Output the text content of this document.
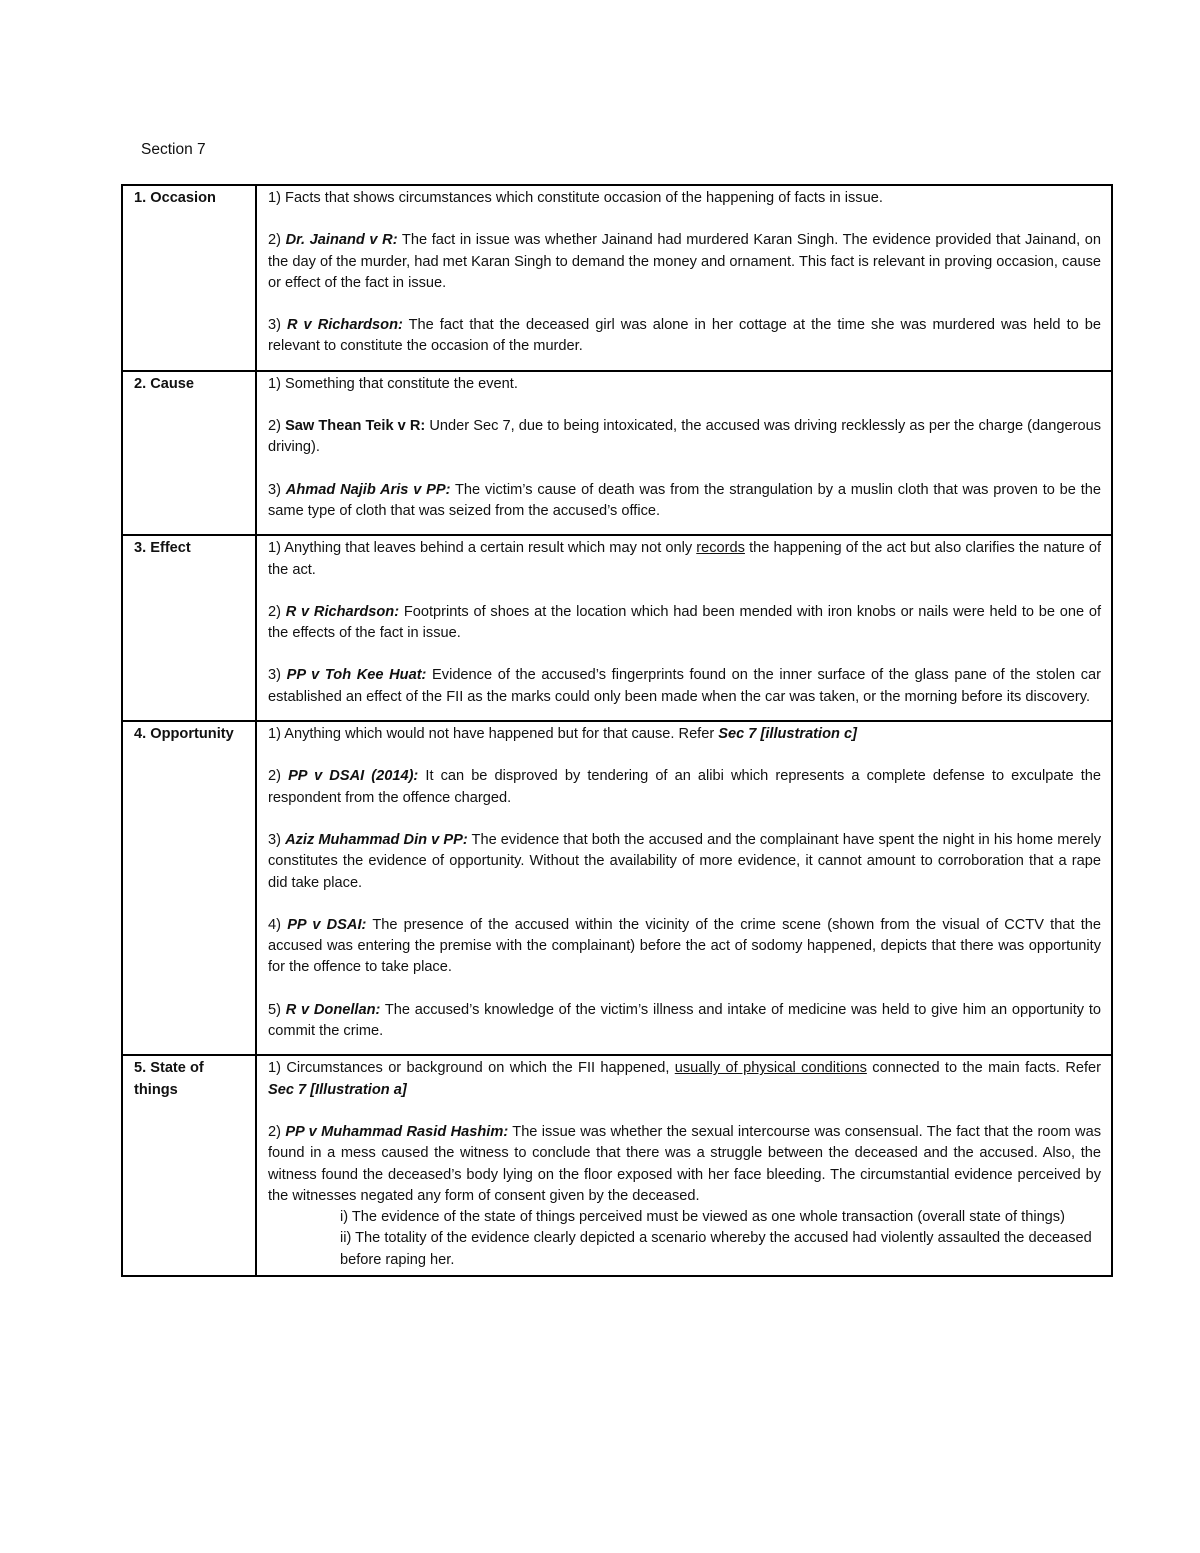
Section 7
1. Occasion	1) Facts that shows circumstances which constitute occasion of the happening of facts in issue.

2) Dr. Jainand v R: The fact in issue was whether Jainand had murdered Karan Singh. The evidence provided that Jainand, on the day of the murder, had met Karan Singh to demand the money and ornament. This fact is relevant in proving occasion, cause or effect of the fact in issue.

3) R v Richardson: The fact that the deceased girl was alone in her cottage at the time she was murdered was held to be relevant to constitute the occasion of the murder.

2. Cause	1) Something that constitute the event.

2) Saw Thean Teik v R: Under Sec 7, due to being intoxicated, the accused was driving recklessly as per the charge (dangerous driving).

3) Ahmad Najib Aris v PP: The victim’s cause of death was from the strangulation by a muslin cloth that was proven to be the same type of cloth that was seized from the accused’s office.

3. Effect	1) Anything that leaves behind a certain result which may not only records the happening of the act but also clarifies the nature of the act.

2) R v Richardson: Footprints of shoes at the location which had been mended with iron knobs or nails were held to be one of the effects of the fact in issue.

3) PP v Toh Kee Huat: Evidence of the accused’s fingerprints found on the inner surface of the glass pane of the stolen car established an effect of the FII as the marks could only been made when the car was taken, or the morning before its discovery.

4. Opportunity	1) Anything which would not have happened but for that cause. Refer Sec 7 [illustration c]

2) PP v DSAI (2014): It can be disproved by tendering of an alibi which represents a complete defense to exculpate the respondent from the offence charged.

3) Aziz Muhammad Din v PP: The evidence that both the accused and the complainant have spent the night in his home merely constitutes the evidence of opportunity. Without the availability of more evidence, it cannot amount to corroboration that a rape did take place.

4) PP v DSAI: The presence of the accused within the vicinity of the crime scene (shown from the visual of CCTV that the accused was entering the premise with the complainant) before the act of sodomy happened, depicts that there was opportunity for the offence to take place.

5) R v Donellan: The accused’s knowledge of the victim’s illness and intake of medicine was held to give him an opportunity to commit the crime.

5. State of things	1) Circumstances or background on which the FII happened, usually of physical conditions connected to the main facts. Refer Sec 7 [Illustration a]

2) PP v Muhammad Rasid Hashim: The issue was whether the sexual intercourse was consensual. The fact that the room was found in a mess caused the witness to conclude that there was a struggle between the deceased and the accused. Also, the witness found the deceased’s body lying on the floor exposed with her face bleeding. The circumstantial evidence perceived by the witnesses negated any form of consent given by the deceased.

i) The evidence of the state of things perceived must be viewed as one whole transaction (overall state of things)

ii) The totality of the evidence clearly depicted a scenario whereby the accused had violently assaulted the deceased before raping her.
